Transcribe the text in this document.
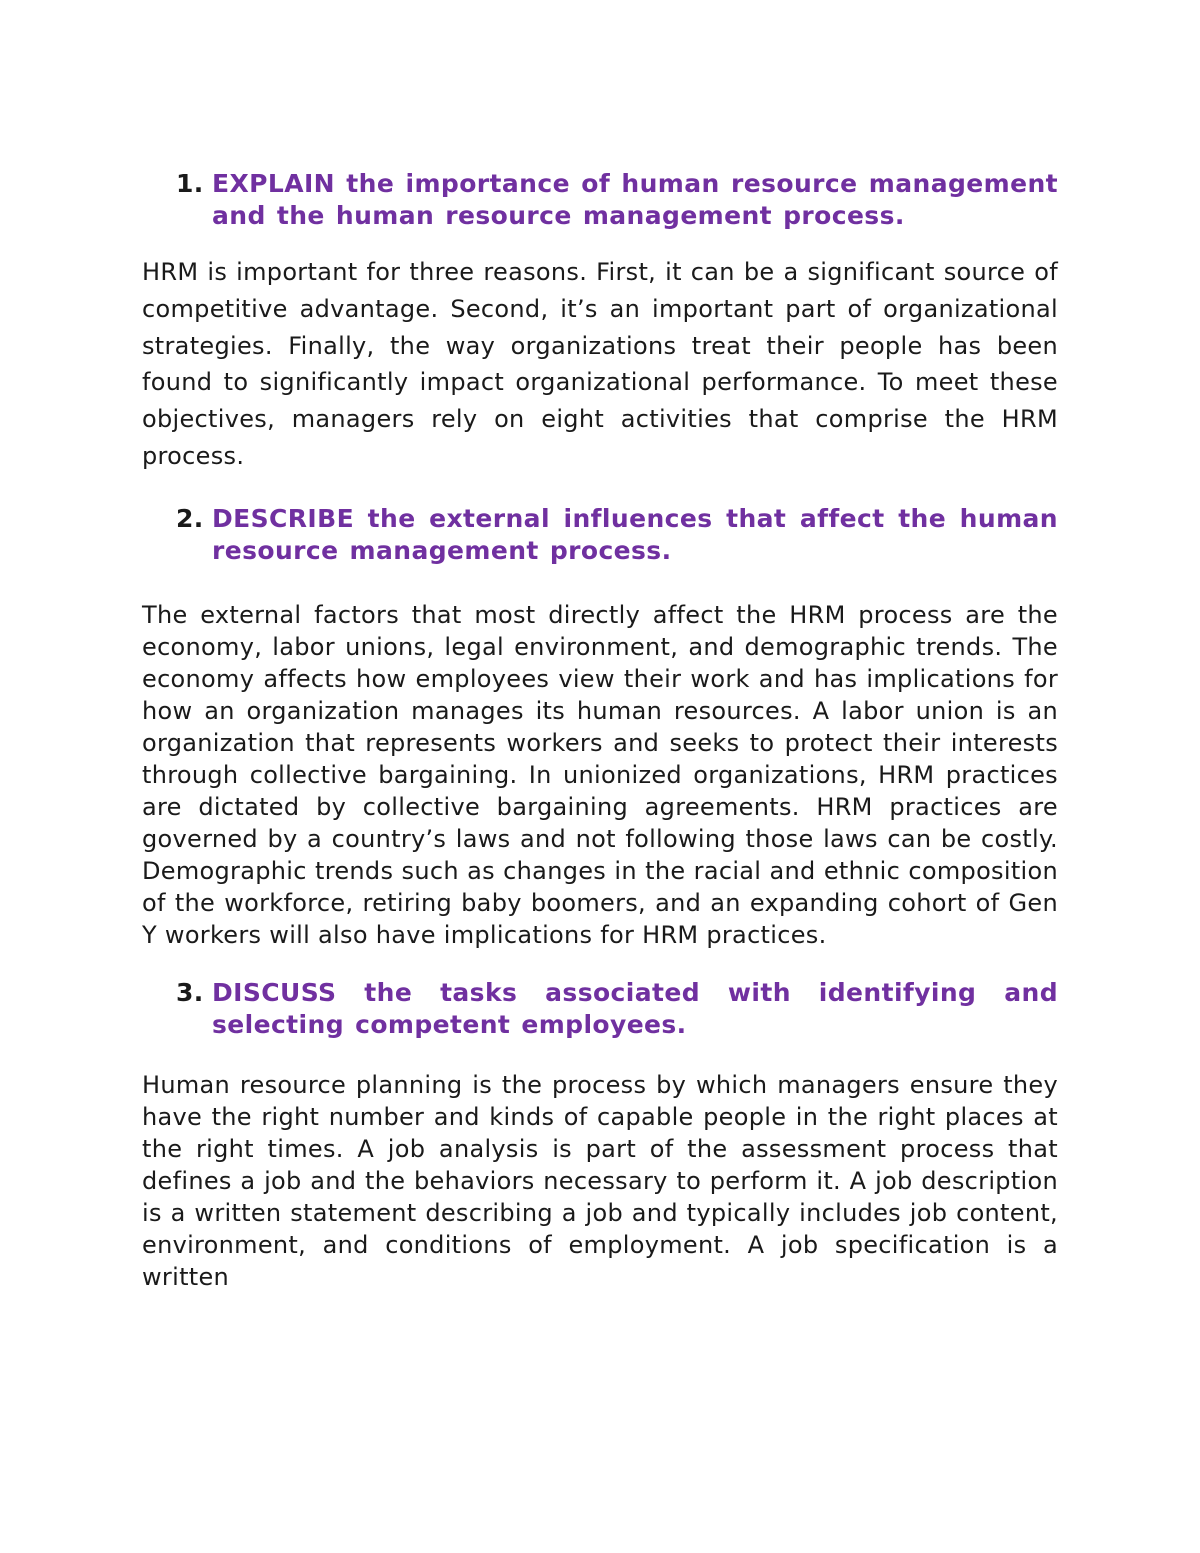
1. EXPLAIN the importance of human resource management and the human resource management process.

HRM is important for three reasons. First, it can be a significant source of competitive advantage. Second, it’s an important part of organizational strategies. Finally, the way organizations treat their people has been found to significantly impact organizational performance. To meet these objectives, managers rely on eight activities that comprise the HRM process.

2. DESCRIBE the external influences that affect the human resource management process.

The external factors that most directly affect the HRM process are the economy, labor unions, legal environment, and demographic trends. The economy affects how employees view their work and has implications for how an organization manages its human resources. A labor union is an organization that represents workers and seeks to protect their interests through collective bargaining. In unionized organizations, HRM practices are dictated by collective bargaining agreements. HRM practices are governed by a country’s laws and not following those laws can be costly. Demographic trends such as changes in the racial and ethnic composition of the workforce, retiring baby boomers, and an expanding cohort of Gen Y workers will also have implications for HRM practices.

3. DISCUSS the tasks associated with identifying and selecting competent employees.

Human resource planning is the process by which managers ensure they have the right number and kinds of capable people in the right places at the right times. A job analysis is part of the assessment process that defines a job and the behaviors necessary to perform it. A job description is a written statement describing a job and typically includes job content, environment, and conditions of employment. A job specification is a written
